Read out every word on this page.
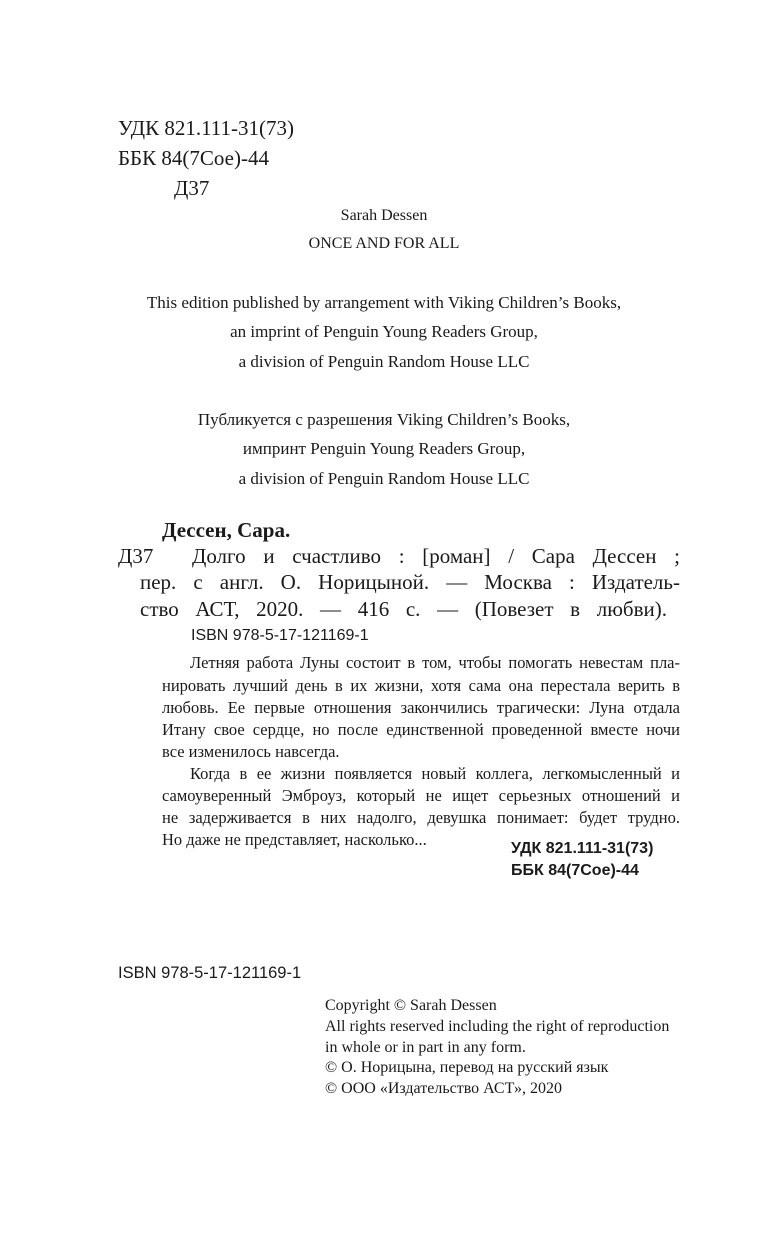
УДК 821.111-31(73)
ББК 84(7Сое)-44
Д37
Sarah Dessen
ONCE AND FOR ALL
This edition published by arrangement with Viking Children’s Books,
an imprint of Penguin Young Readers Group,
a division of Penguin Random House LLC
Публикуется с разрешения Viking Children’s Books,
импринт Penguin Young Readers Group,
a division of Penguin Random House LLC
Дессен, Сара.
Д37 Долго и счастливо : [роман] / Сара Дессен ;
пер. с англ. О. Норицыной. — Москва : Издатель-
ство АСТ, 2020. — 416 с. — (Повезет в любви).
ISBN 978-5-17-121169-1
Летняя работа Луны состоит в том, чтобы помогать невестам пла-
нировать лучший день в их жизни, хотя сама она перестала верить в
любовь. Ее первые отношения закончились трагически: Луна отдала
Итану свое сердце, но после единственной проведенной вместе ночи
все изменилось навсегда.
Когда в ее жизни появляется новый коллега, легкомысленный и
самоуверенный Эмброуз, который не ищет серьезных отношений и
не задерживается в них надолго, девушка понимает: будет трудно.
Но даже не представляет, насколько...	УДК 821.111-31(73)
ББК 84(7Сое)-44
ISBN 978-5-17-121169-1
Copyright © Sarah Dessen
All rights reserved including the right of reproduction
in whole or in part in any form.
© О. Норицына, перевод на русский язык
© ООО «Издательство АСТ», 2020
